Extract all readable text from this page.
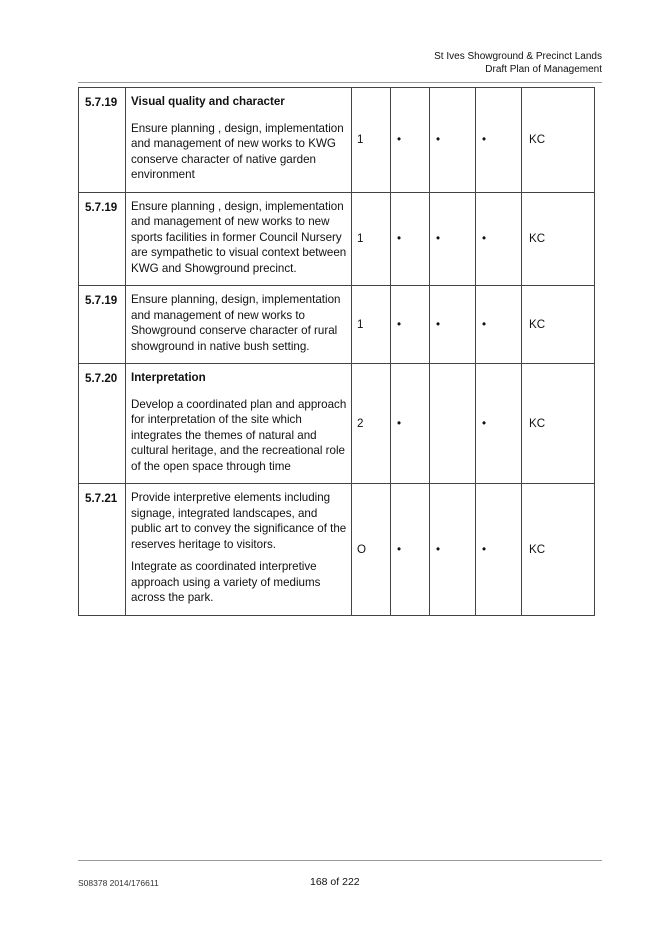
St Ives Showground & Precinct Lands
Draft Plan of Management
5.7.19	Visual quality and character
Ensure planning , design, implementation and management of new works to KWG conserve character of native garden environment	1	•	•	•	KC
5.7.19	Ensure planning , design, implementation and management of new works to new sports facilities in former Council Nursery are sympathetic to visual context between KWG and Showground precinct.	1	•	•	•	KC
5.7.19	Ensure planning, design, implementation and management of new works to Showground conserve character of rural showground in native bush setting.	1	•	•	•	KC
5.7.20	Interpretation
Develop a coordinated plan and approach for interpretation of the site which integrates the themes of natural and cultural heritage, and the recreational role of the open space through time	2	•		•	KC
5.7.21	Provide interpretive elements including signage, integrated landscapes, and public art to convey the significance of the reserves heritage to visitors.
Integrate as coordinated interpretive approach using a variety of mediums across the park.	O	•	•	•	KC
S08378 2014/176611	168 of 222
